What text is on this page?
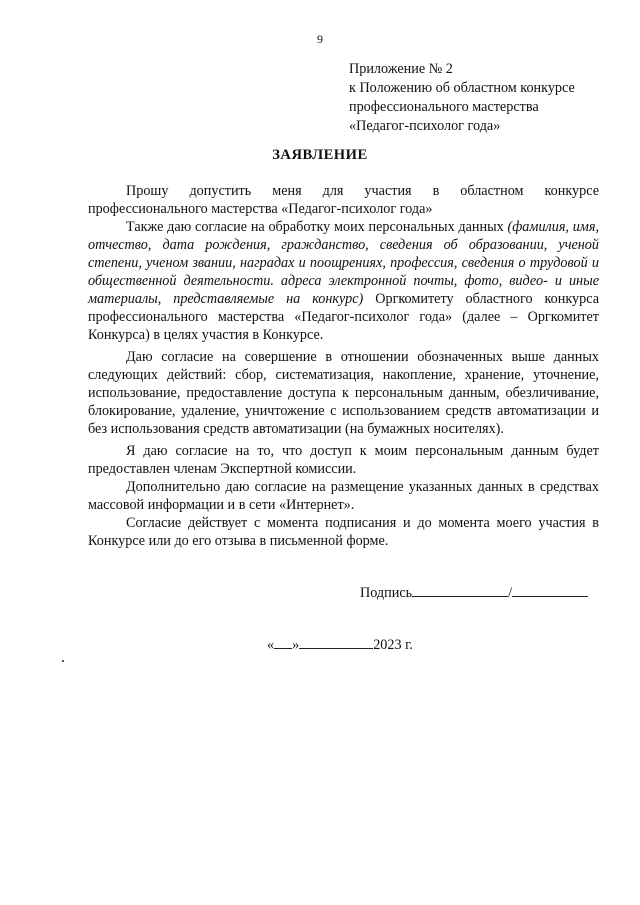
9
Приложение № 2
к Положению об областном конкурсе
профессионального мастерства
«Педагог-психолог года»
ЗАЯВЛЕНИЕ

Прошу допустить меня для участия в областном конкурсе профессионального мастерства «Педагог-психолог года»

Также даю согласие на обработку моих персональных данных (фамилия, имя, отчество, дата рождения, гражданство, сведения об образовании, ученой степени, ученом звании, наградах и поощрениях, профессия, сведения о трудовой и общественной деятельности. адреса электронной почты, фото, видео- и иные материалы, представляемые на конкурс) Оргкомитету областного конкурса профессионального мастерства «Педагог-психолог года» (далее – Оргкомитет Конкурса) в целях участия в Конкурсе.

Даю согласие на совершение в отношении обозначенных выше данных следующих действий: сбор, систематизация, накопление, хранение, уточнение, использование, предоставление доступа к персональным данным, обезличивание, блокирование, удаление, уничтожение с использованием средств автоматизации и без использования средств автоматизации (на бумажных носителях).

Я даю согласие на то, что доступ к моим персональным данным будет предоставлен членам Экспертной комиссии.

Дополнительно даю согласие на размещение указанных данных в средствах массовой информации и в сети «Интернет».

Согласие действует с момента подписания и до момента моего участия в Конкурсе или до его отзыва в письменной форме.

Подпись	/
« »	2023 г.
